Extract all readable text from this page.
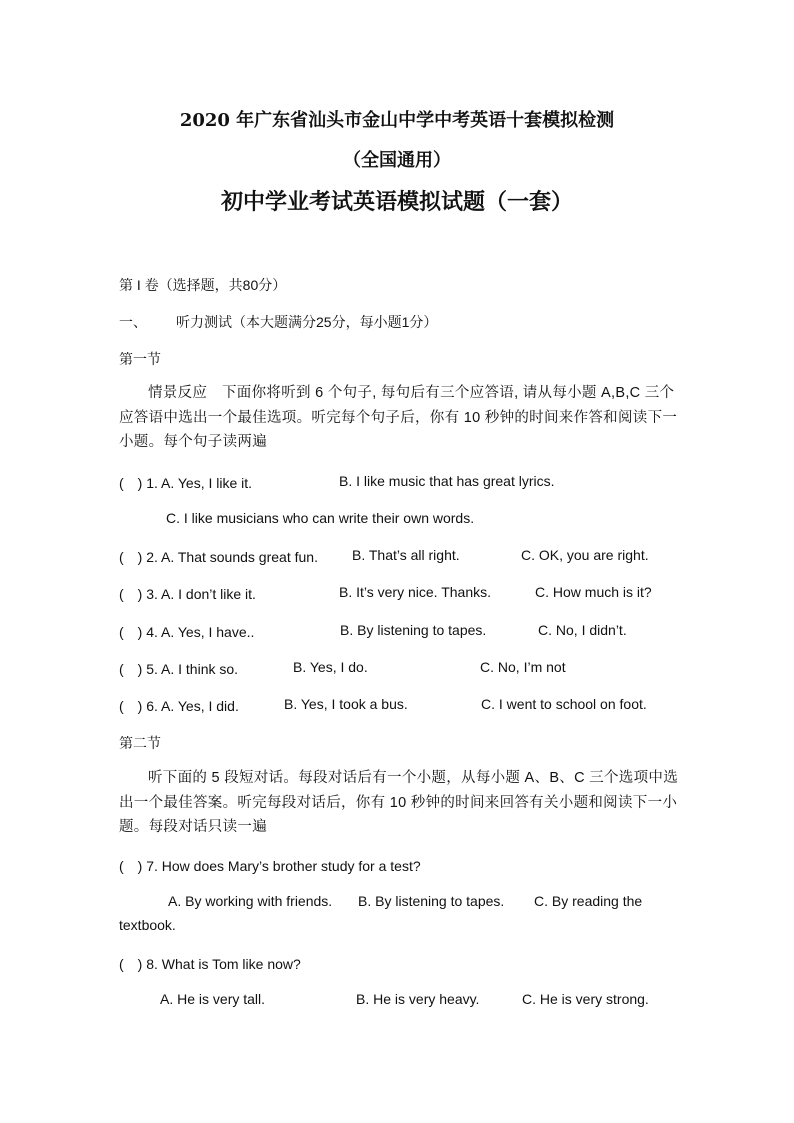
2020 年广东省汕头市金山中学中考英语十套模拟检测
（全国通用）
初中学业考试英语模拟试题（一套）
第 I 卷（选择题，共80分）
一、 听力测试（本大题满分25分，每小题1分）
第一节
情景反应　下面你将听到 6 个句子, 每句后有三个应答语, 请从每小题 A,B,C 三个应答语中选出一个最佳选项。听完每个句子后，你有 10 秒钟的时间来作答和阅读下一小题。每个句子读两遍
(　) 1. A. Yes, I like it.	B. I like music that has great lyrics.
C. I like musicians who can write their own words.
(　) 2. A. That sounds great fun. B. That’s all right.	C. OK, you are right.
(　) 3. A. I don’t like it.	B. It’s very nice. Thanks.	C. How much is it?
(　) 4. A. Yes, I have..	B. By listening to tapes.	C. No, I didn’t.
(　) 5. A. I think so.	B. Yes, I do.	C. No, I’m not
(　) 6. A. Yes, I did.	B. Yes, I took a bus.	C. I went to school on foot.
第二节
听下面的 5 段短对话。每段对话后有一个小题，从每小题 A、B、C 三个选项中选出一个最佳答案。听完每段对话后，你有 10 秒钟的时间来回答有关小题和阅读下一小题。每段对话只读一遍
(　) 7. How does Mary’s brother study for a test?
A. By working with friends. B. By listening to tapes. C. By reading the
textbook.
(　) 8. What is Tom like now?
A. He is very tall.	B. He is very heavy.	C. He is very strong.
